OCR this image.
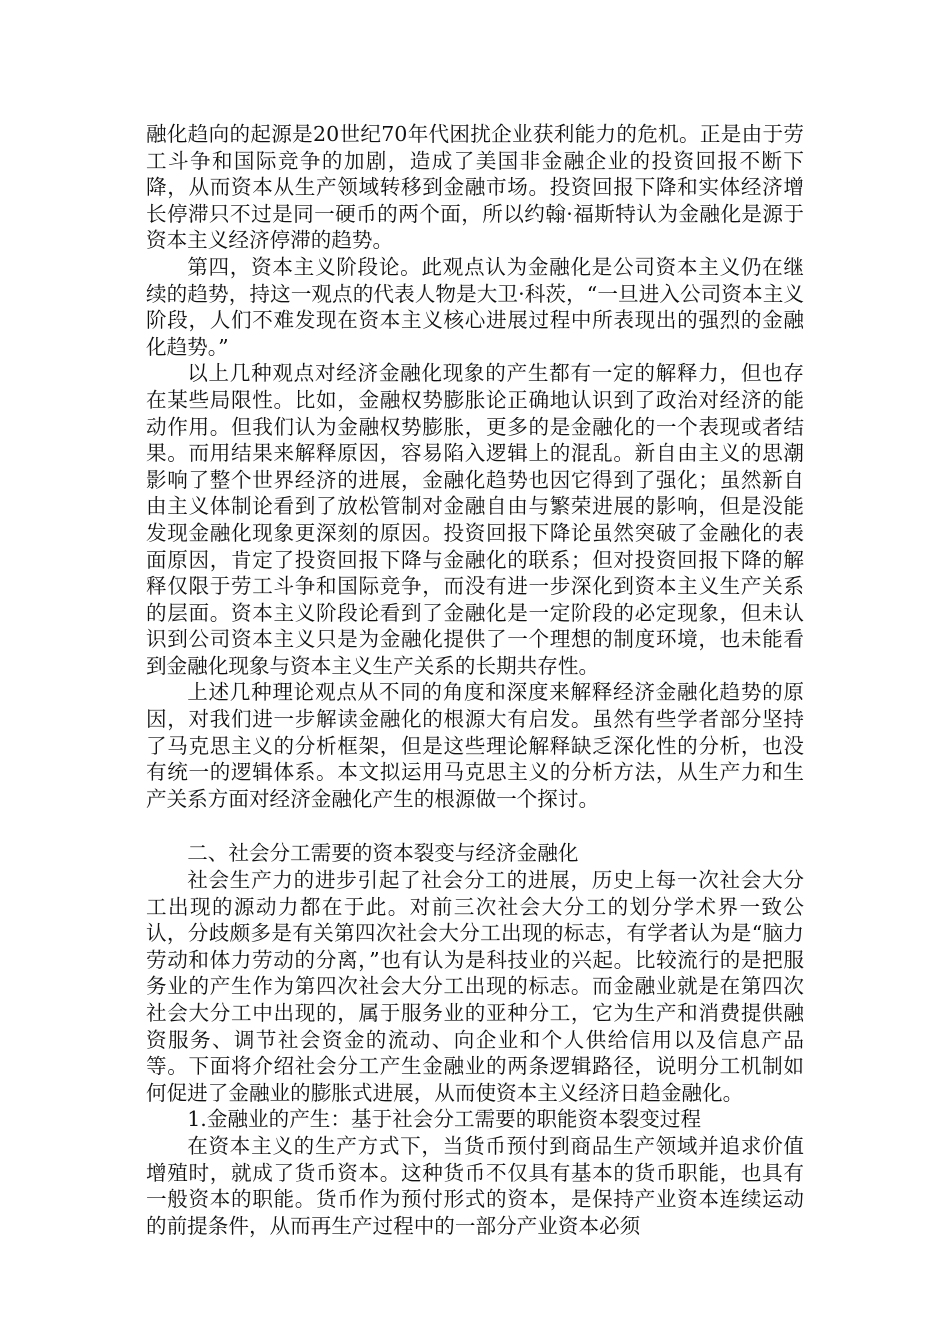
融化趋向的起源是20世纪70年代困扰企业获利能力的危机。正是由于劳工斗争和国际竞争的加剧，造成了美国非金融企业的投资回报不断下降，从而资本从生产领域转移到金融市场。投资回报下降和实体经济增长停滞只不过是同一硬币的两个面，所以约翰·福斯特认为金融化是源于资本主义经济停滞的趋势。

第四，资本主义阶段论。此观点认为金融化是公司资本主义仍在继续的趋势，持这一观点的代表人物是大卫·科茨，“一旦进入公司资本主义阶段，人们不难发现在资本主义核心进展过程中所表现出的强烈的金融化趋势。”

以上几种观点对经济金融化现象的产生都有一定的解释力，但也存在某些局限性。比如，金融权势膨胀论正确地认识到了政治对经济的能动作用。但我们认为金融权势膨胀，更多的是金融化的一个表现或者结果。而用结果来解释原因，容易陷入逻辑上的混乱。新自由主义的思潮影响了整个世界经济的进展，金融化趋势也因它得到了强化；虽然新自由主义体制论看到了放松管制对金融自由与繁荣进展的影响，但是没能发现金融化现象更深刻的原因。投资回报下降论虽然突破了金融化的表面原因，肯定了投资回报下降与金融化的联系；但对投资回报下降的解释仅限于劳工斗争和国际竞争，而没有进一步深化到资本主义生产关系的层面。资本主义阶段论看到了金融化是一定阶段的必定现象，但未认识到公司资本主义只是为金融化提供了一个理想的制度环境，也未能看到金融化现象与资本主义生产关系的长期共存性。

上述几种理论观点从不同的角度和深度来解释经济金融化趋势的原因，对我们进一步解读金融化的根源大有启发。虽然有些学者部分坚持了马克思主义的分析框架，但是这些理论解释缺乏深化性的分析，也没有统一的逻辑体系。本文拟运用马克思主义的分析方法，从生产力和生产关系方面对经济金融化产生的根源做一个探讨。

二、社会分工需要的资本裂变与经济金融化

社会生产力的进步引起了社会分工的进展，历史上每一次社会大分工出现的源动力都在于此。对前三次社会大分工的划分学术界一致公认，分歧颇多是有关第四次社会大分工出现的标志，有学者认为是“脑力劳动和体力劳动的分离，”也有认为是科技业的兴起。比较流行的是把服务业的产生作为第四次社会大分工出现的标志。而金融业就是在第四次社会大分工中出现的，属于服务业的亚种分工，它为生产和消费提供融资服务、调节社会资金的流动、向企业和个人供给信用以及信息产品等。下面将介绍社会分工产生金融业的两条逻辑路径，说明分工机制如何促进了金融业的膨胀式进展，从而使资本主义经济日趋金融化。

1.金融业的产生：基于社会分工需要的职能资本裂变过程

在资本主义的生产方式下，当货币预付到商品生产领域并追求价值增殖时，就成了货币资本。这种货币不仅具有基本的货币职能，也具有一般资本的职能。货币作为预付形式的资本，是保持产业资本连续运动的前提条件，从而再生产过程中的一部分产业资本必须
